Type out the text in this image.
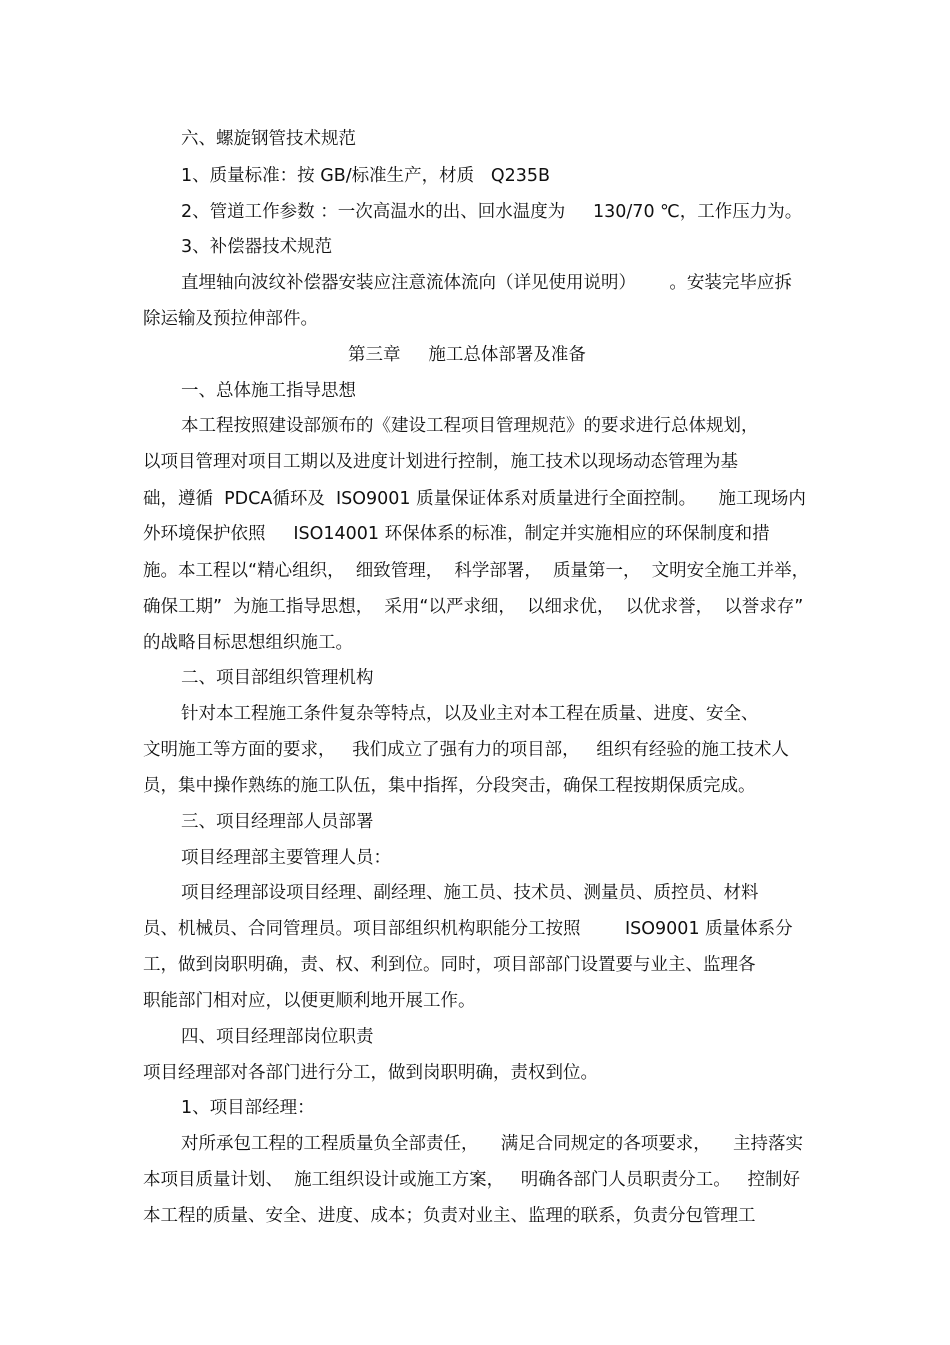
六、螺旋钢管技术规范
1、质量标准：按 GB/标准生产，材质   Q235B
2、管道工作参数 ：一次高温水的出、回水温度为     130/70 ℃，工作压力为。
3、补偿器技术规范
直埋轴向波纹补偿器安装应注意流体流向（详见使用说明）      。安装完毕应拆
除运输及预拉伸部件。
第三章     施工总体部署及准备
一、总体施工指导思想
本工程按照建设部颁布的《建设工程项目管理规范》的要求进行总体规划，
以项目管理对项目工期以及进度计划进行控制，施工技术以现场动态管理为基
础，遵循  PDCA循环及  ISO9001 质量保证体系对质量进行全面控制。    施工现场内
外环境保护依照     ISO14001 环保体系的标准，制定并实施相应的环保制度和措
施。本工程以“精心组织，  细致管理，  科学部署，  质量第一，  文明安全施工并举，
确保工期”  为施工指导思想，  采用“以严求细，  以细求优，  以优求誉，  以誉求存”
的战略目标思想组织施工。
二、项目部组织管理机构
针对本工程施工条件复杂等特点，以及业主对本工程在质量、进度、安全、
文明施工等方面的要求，   我们成立了强有力的项目部，   组织有经验的施工技术人
员，集中操作熟练的施工队伍，集中指挥，分段突击，确保工程按期保质完成。
三、项目经理部人员部署
项目经理部主要管理人员：
项目经理部设项目经理、副经理、施工员、技术员、测量员、质控员、材料
员、机械员、合同管理员。项目部组织机构职能分工按照        ISO9001 质量体系分
工，做到岗职明确，责、权、利到位。同时，项目部部门设置要与业主、监理各
职能部门相对应，以便更顺利地开展工作。
四、项目经理部岗位职责
项目经理部对各部门进行分工，做到岗职明确，责权到位。
1、项目部经理：
对所承包工程的工程质量负全部责任，    满足合同规定的各项要求，    主持落实
本项目质量计划、  施工组织设计或施工方案，   明确各部门人员职责分工。   控制好
本工程的质量、安全、进度、成本；负责对业主、监理的联系，负责分包管理工
